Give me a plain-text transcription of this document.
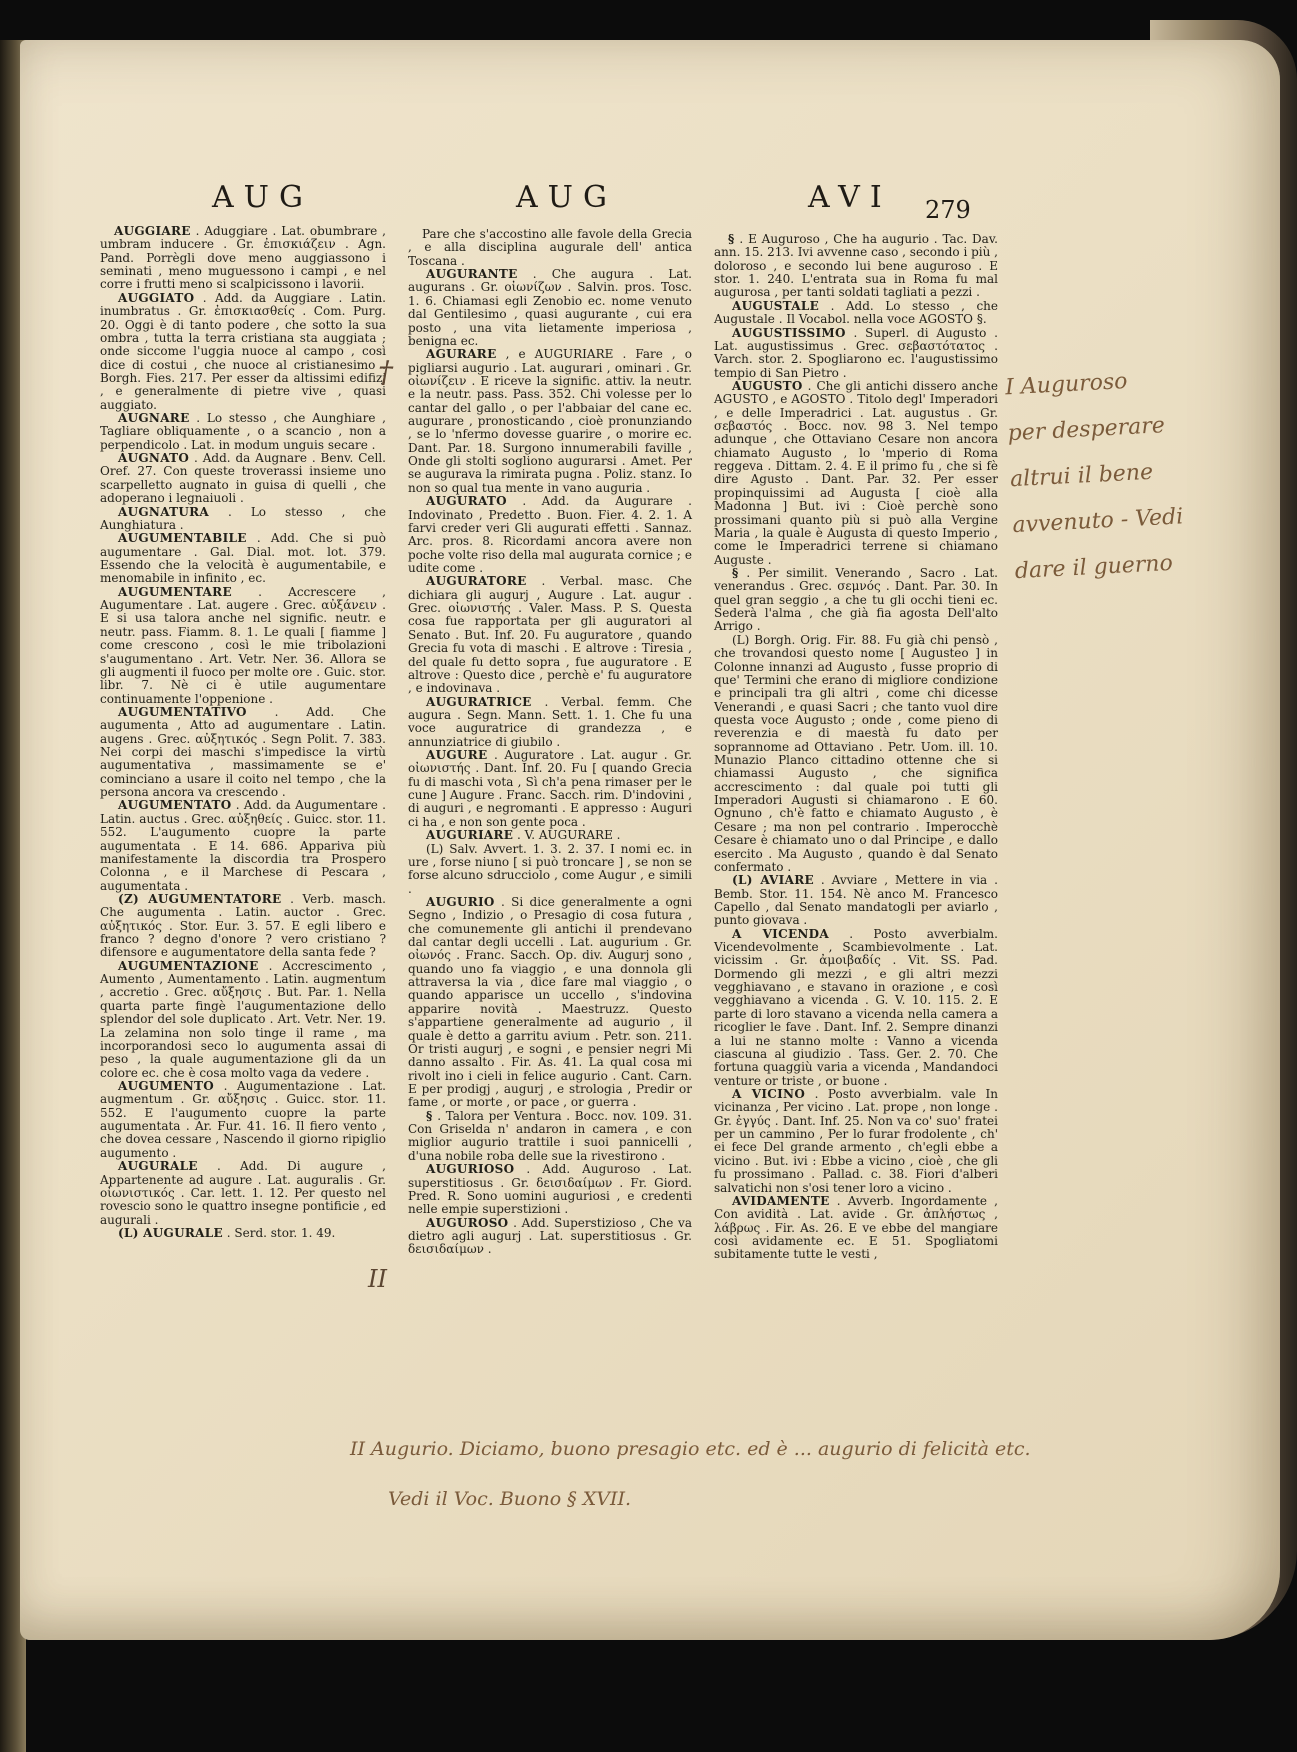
AUG	AUG	AVI 279

AUGGIARE . Aduggiare . Lat. obumbrare , umbram inducere . Gr. ἐπισκιάζειν . Agn. Pand. Porrègli dove meno auggiassono i seminati , meno muguessono i campi , e nel corre i frutti meno si scalpicissono i lavorii.

AUGGIATO . Add. da Auggiare . Latin. inumbratus . Gr. ἐπισκιασθείς . Com. Purg. 20. Oggi è di tanto podere , che sotto la sua ombra , tutta la terra cristiana sta auggiata ; onde siccome l'uggia nuoce al campo , così dice di costui , che nuoce al cristianesimo . Borgh. Fies. 217. Per esser da altissimi edifizj , e generalmente di pietre vive , quasi auggiato.

AUGNARE . Lo stesso , che Aunghiare , Tagliare obliquamente , o a scancio , non a perpendicolo . Lat. in modum unguis secare .

AUGNATO . Add. da Augnare . Benv. Cell. Oref. 27. Con queste troverassi insieme uno scarpelletto augnato in guisa di quelli , che adoperano i legnaiuoli .

AUGNATURA . Lo stesso , che Aunghiatura .

AUGUMENTABILE . Add. Che si può augumentare . Gal. Dial. mot. lot. 379. Essendo che la velocità è augumentabile, e menomabile in infinito , ec.

AUGUMENTARE . Accrescere , Augumentare . Lat. augere . Grec. αὐξάνειν . E si usa talora anche nel signific. neutr. e neutr. pass. Fiamm. 8. 1. Le quali [ fiamme ] come crescono , così le mie tribolazioni s'augumentano . Art. Vetr. Ner. 36. Allora se gli augmenti il fuoco per molte ore . Guic. stor. libr. 7. Nè ci è utile augumentare continuamente l'oppenione .

AUGUMENTATIVO . Add. Che augumenta , Atto ad augumentare . Latin. augens . Grec. αὐξητικός . Segn Polit. 7. 383. Nei corpi dei maschi s'impedisce la virtù augumentativa , massimamente se e' cominciano a usare il coito nel tempo , che la persona ancora va crescendo .

AUGUMENTATO . Add. da Augumentare . Latin. auctus . Grec. αὐξηθείς . Guicc. stor. 11. 552. L'augumento cuopre la parte augumentata . E 14. 686. Appariva più manifestamente la discordia tra Prospero Colonna , e il Marchese di Pescara , augumentata .

(Z) AUGUMENTATORE . Verb. masch. Che augumenta . Latin. auctor . Grec. αὐξητικός . Stor. Eur. 3. 57. E egli libero e franco ? degno d'onore ? vero cristiano ? difensore e augumentatore della santa fede ?

AUGUMENTAZIONE . Accrescimento , Aumento , Aumentamento . Latin. augmentum , accretio . Grec. αὔξησις . But. Par. 1. Nella quarta parte fingè l'augumentazione dello splendor del sole duplicato . Art. Vetr. Ner. 19. La zelamina non solo tinge il rame , ma incorporandosi seco lo augumenta assai di peso , la quale augumentazione gli da un colore ec. che è cosa molto vaga da vedere .

AUGUMENTO . Augumentazione . Lat. augmentum . Gr. αὔξησις . Guicc. stor. 11. 552. E l'augumento cuopre la parte augumentata . Ar. Fur. 41. 16. Il fiero vento , che dovea cessare , Nascendo il giorno ripiglio augumento .

AUGURALE . Add. Di augure , Appartenente ad augure . Lat. auguralis . Gr. οἰωνιστικός . Car. lett. 1. 12. Per questo nel rovescio sono le quattro insegne pontificie , ed augurali .

(L) AUGURALE . Serd. stor. 1. 49.

Pare che s'accostino alle favole della Grecia , e alla disciplina augurale dell' antica Toscana .

AUGURANTE . Che augura . Lat. augurans . Gr. οἰωνίζων . Salvin. pros. Tosc. 1. 6. Chiamasi egli Zenobio ec. nome venuto dal Gentilesimo , quasi augurante , cui era posto , una vita lietamente imperiosa , benigna ec.

AGURARE , e AUGURIARE . Fare , o pigliarsi augurio . Lat. augurari , ominari . Gr. οἰωνίζειν . E riceve la signific. attiv. la neutr. e la neutr. pass. Pass. 352. Chi volesse per lo cantar del gallo , o per l'abbaiar del cane ec. augurare , pronosticando , cioè pronunziando , se lo 'nfermo dovesse guarire , o morire ec. Dant. Par. 18. Surgono innumerabili faville , Onde gli stolti sogliono augurarsi . Amet. Per se augurava la rimirata pugna . Poliz. stanz. Io non so qual tua mente in vano auguria .

AUGURATO . Add. da Augurare . Indovinato , Predetto . Buon. Fier. 4. 2. 1. A farvi creder veri Gli augurati effetti . Sannaz. Arc. pros. 8. Ricordami ancora avere non poche volte riso della mal augurata cornice ; e udite come .

AUGURATORE . Verbal. masc. Che dichiara gli augurj , Augure . Lat. augur . Grec. οἰωνιστής . Valer. Mass. P. S. Questa cosa fue rapportata per gli auguratori al Senato . But. Inf. 20. Fu auguratore , quando Grecia fu vota di maschi . E altrove : Tiresia , del quale fu detto sopra , fue auguratore . E altrove : Questo dice , perchè e' fu auguratore , e indovinava .

AUGURATRICE . Verbal. femm. Che augura . Segn. Mann. Sett. 1. 1. Che fu una voce auguratrice di grandezza , e annunziatrice di giubilo .

AUGURE . Auguratore . Lat. augur . Gr. οἰωνιστής . Dant. Inf. 20. Fu [ quando Grecia fu di maschi vota , Sì ch'a pena rimaser per le cune ] Augure . Franc. Sacch. rim. D'indovini , di auguri , e negromanti . E appresso : Auguri ci ha , e non son gente poca .

AUGURIARE . V. AUGURARE .

(L) Salv. Avvert. 1. 3. 2. 37. I nomi ec. in ure , forse niuno [ si può troncare ] , se non se forse alcuno sdrucciolo , come Augur , e simili .

AUGURIO . Si dice generalmente a ogni Segno , Indizio , o Presagio di cosa futura , che comunemente gli antichi il prendevano dal cantar degli uccelli . Lat. augurium . Gr. οἰωνός . Franc. Sacch. Op. div. Augurj sono , quando uno fa viaggio , e una donnola gli attraversa la via , dice fare mal viaggio , o quando apparisce un uccello , s'indovina apparire novità . Maestruzz. Questo s'appartiene generalmente ad augurio , il quale è detto a garritu avium . Petr. son. 211. Or tristi augurj , e sogni , e pensier negri Mi danno assalto . Fir. As. 41. La qual cosa mi rivolt ino i cieli in felice augurio . Cant. Carn. E per prodigj , augurj , e strologia , Predir or fame , or morte , or pace , or guerra .

§ . Talora per Ventura . Bocc. nov. 109. 31. Con Griselda n' andaron in camera , e con miglior augurio trattile i suoi pannicelli , d'una nobile roba delle sue la rivestirono .

AUGURIOSO . Add. Auguroso . Lat. superstitiosus . Gr. δεισιδαίμων . Fr. Giord. Pred. R. Sono uomini auguriosi , e credenti nelle empie superstizioni .

AUGUROSO . Add. Superstizioso , Che va dietro agli augurj . Lat. superstitiosus . Gr. δεισιδαίμων .

§ . E Auguroso , Che ha augurio . Tac. Dav. ann. 15. 213. Ivi avvenne caso , secondo i più , doloroso , e secondo lui bene auguroso . E stor. 1. 240. L'entrata sua in Roma fu mal augurosa , per tanti soldati tagliati a pezzi .

AUGUSTALE . Add. Lo stesso , che Augustale . Il Vocabol. nella voce AGOSTO §.

AUGUSTISSIMO . Superl. di Augusto . Lat. augustissimus . Grec. σεβαστότατος . Varch. stor. 2. Spogliarono ec. l'augustissimo tempio di San Pietro .

AUGUSTO . Che gli antichi dissero anche AGUSTO , e AGOSTO . Titolo degl' Imperadori , e delle Imperadrici . Lat. augustus . Gr. σεβαστός . Bocc. nov. 98 3. Nel tempo adunque , che Ottaviano Cesare non ancora chiamato Augusto , lo 'mperio di Roma reggeva . Dittam. 2. 4. E il primo fu , che si fè dire Agusto . Dant. Par. 32. Per esser propinquissimi ad Augusta [ cioè alla Madonna ] But. ivi : Cioè perchè sono prossimani quanto più si può alla Vergine Maria , la quale è Augusta di questo Imperio , come le Imperadrici terrene si chiamano Auguste .

§ . Per similit. Venerando , Sacro . Lat. venerandus . Grec. σεμνός . Dant. Par. 30. In quel gran seggio , a che tu gli occhi tieni ec. Sederà l'alma , che già fia agosta Dell'alto Arrigo .

(L) Borgh. Orig. Fir. 88. Fu già chi pensò , che trovandosi questo nome [ Augusteo ] in Colonne innanzi ad Augusto , fusse proprio di que' Termini che erano di migliore condizione e principali tra gli altri , come chi dicesse Venerandi , e quasi Sacri ; che tanto vuol dire questa voce Augusto ; onde , come pieno di reverenzia e di maestà fu dato per soprannome ad Ottaviano . Petr. Uom. ill. 10. Munazio Planco cittadino ottenne che si chiamassi Augusto , che significa accrescimento : dal quale poi tutti gli Imperadori Augusti si chiamarono . E 60. Ognuno , ch'è fatto e chiamato Augusto , è Cesare ; ma non pel contrario . Imperocchè Cesare è chiamato uno o dal Principe , e dallo esercito . Ma Augusto , quando è dal Senato confermato .

(L) AVIARE . Avviare , Mettere in via . Bemb. Stor. 11. 154. Nè anco M. Francesco Capello , dal Senato mandatogli per aviarlo , punto giovava .

A VICENDA . Posto avverbialm. Vicendevolmente , Scambievolmente . Lat. vicissim . Gr. ἀμοιβαδίς . Vit. SS. Pad. Dormendo gli mezzi , e gli altri mezzi vegghiavano , e stavano in orazione , e così vegghiavano a vicenda . G. V. 10. 115. 2. E parte di loro stavano a vicenda nella camera a ricoglier le fave . Dant. Inf. 2. Sempre dinanzi a lui ne stanno molte : Vanno a vicenda ciascuna al giudizio . Tass. Ger. 2. 70. Che fortuna quaggiù varia a vicenda , Mandandoci venture or triste , or buone .

A VICINO . Posto avverbialm. vale In vicinanza , Per vicino . Lat. prope , non longe . Gr. ἐγγύς . Dant. Inf. 25. Non va co' suo' fratei per un cammino , Per lo furar frodolente , ch' ei fece Del grande armento , ch'egli ebbe a vicino . But. ivi : Ebbe a vicino , cioè , che gli fu prossimano . Pallad. c. 38. Fiori d'alberi salvatichi non s'osi tener loro a vicino .

AVIDAMENTE . Avverb. Ingordamente , Con avidità . Lat. avide . Gr. ἀπλήστως , λάβρως . Fir. As. 26. E ve ebbe del mangiare così avidamente ec. E 51. Spogliatomi subitamente tutte le vesti ,

†
II
I Auguroso
per desperare
altrui il bene
avvenuto - Vedi
dare il guerno
II Augurio. Diciamo, buono presagio etc. ed è ... augurio di felicità etc.
Vedi il Voc. Buono § XVII.
